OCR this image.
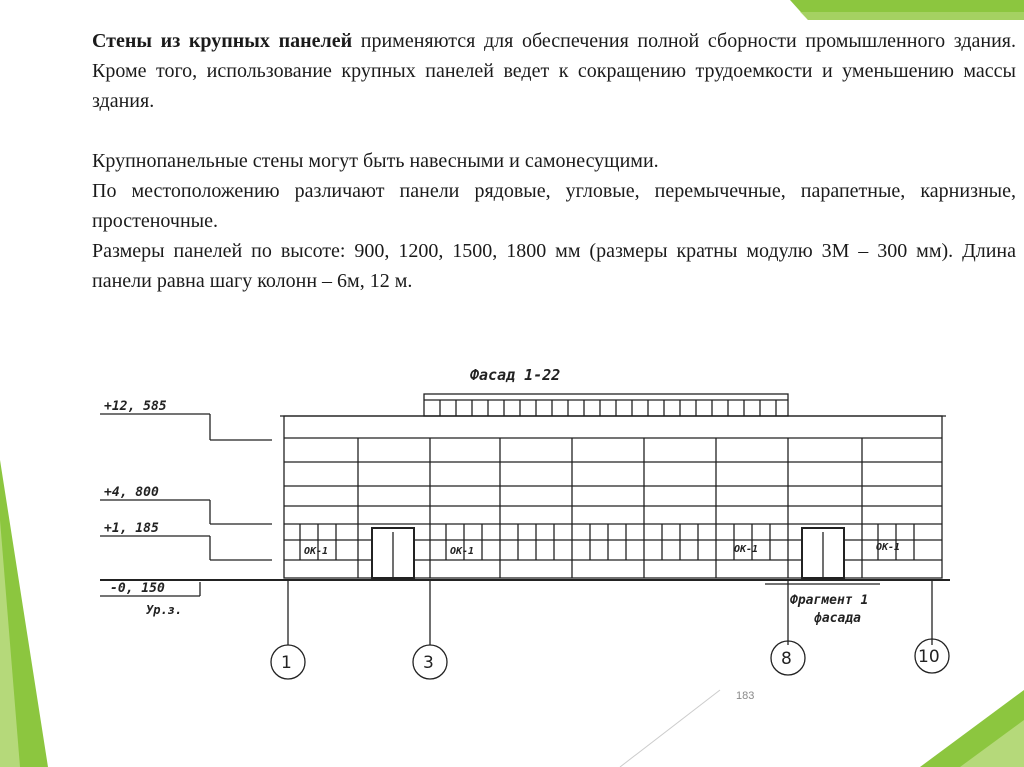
Стены из крупных панелей применяются для обеспечения полной сборности промышленного здания. Кроме того, использование крупных панелей ведет к сокращению трудоемкости и уменьшению массы здания.

Крупнопанельные стены могут быть навесными и самонесущими.

По местоположению различают панели рядовые, угловые, перемычечные, парапетные, карнизные, простеночные.

Размеры панелей по высоте: 900, 1200, 1500, 1800 мм (размеры кратны модулю 3М – 300 мм). Длина панели равна шагу колонн – 6м, 12 м.

Фасад 1-22
+12, 585
+4, 800
+1, 185
-0, 150
Ур.з.
ОК-1	ОК-1	ОК-1	ОК-1
Фрагмент 1
фасада
1	3	8	10
183
